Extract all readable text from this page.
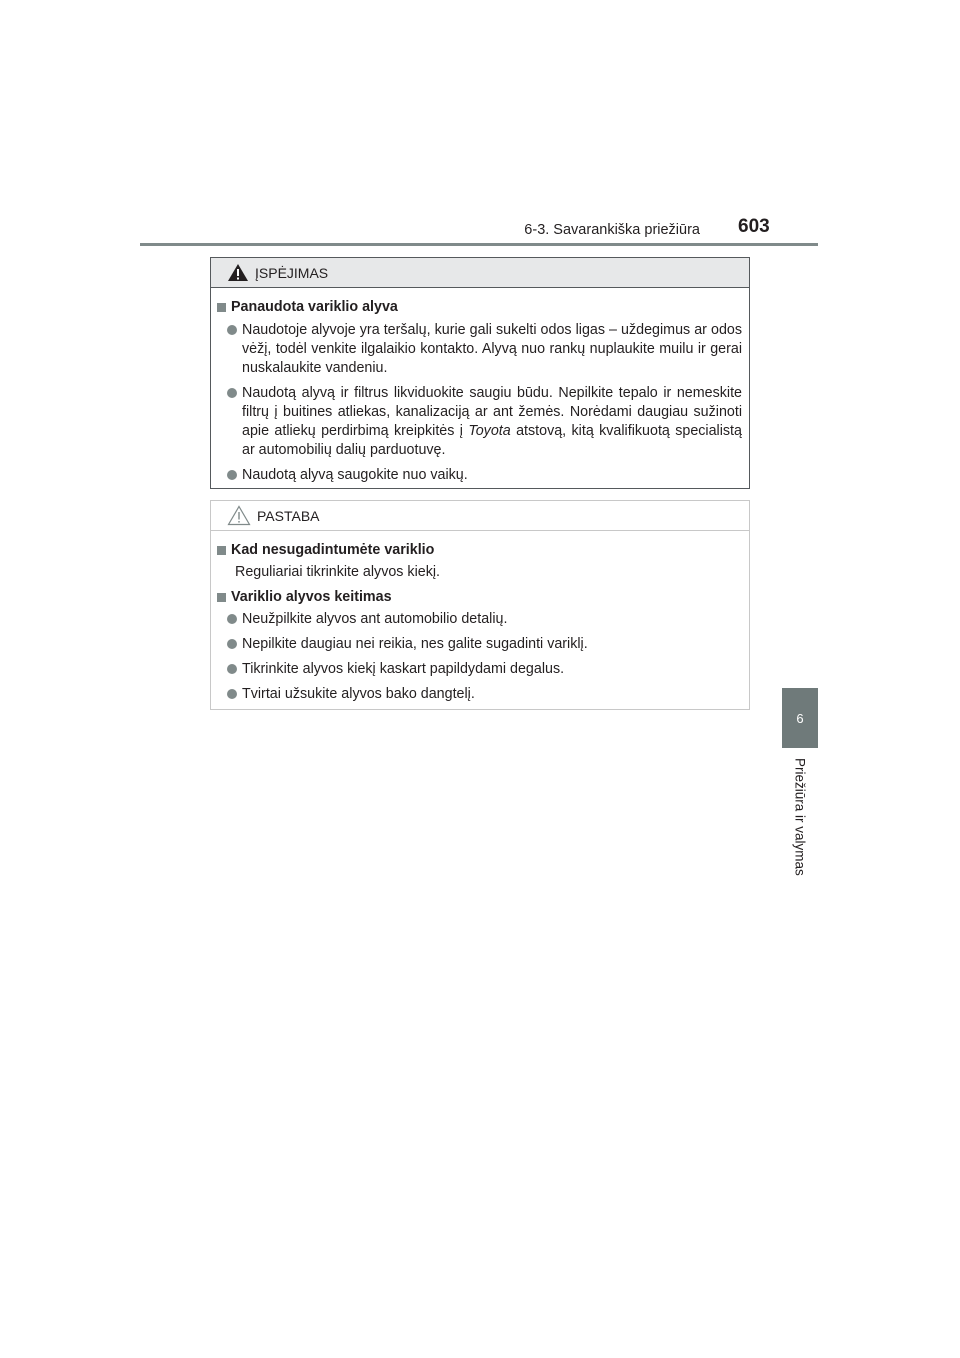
6-3. Savarankiška priežiūra 603
6
Priežiūra ir valymas
ĮSPĖJIMAS
Panaudota variklio alyva
Naudotoje alyvoje yra teršalų, kurie gali sukelti odos ligas – uždegimus ar odos vėžį, todėl venkite ilgalaikio kontakto. Alyvą nuo rankų nuplaukite muilu ir gerai nuskalaukite vandeniu.
Naudotą alyvą ir filtrus likviduokite saugiu būdu. Nepilkite tepalo ir nemeskite filtrų į buitines atliekas, kanalizaciją ar ant žemės. Norėdami daugiau sužinoti apie atliekų perdirbimą kreipkitės į Toyota atstovą, kitą kvalifikuotą specialistą ar automobilių dalių parduotuvę.
Naudotą alyvą saugokite nuo vaikų.
PASTABA
Kad nesugadintumėte variklio
Reguliariai tikrinkite alyvos kiekį.
Variklio alyvos keitimas
Neužpilkite alyvos ant automobilio detalių.
Nepilkite daugiau nei reikia, nes galite sugadinti variklį.
Tikrinkite alyvos kiekį kaskart papildydami degalus.
Tvirtai užsukite alyvos bako dangtelį.
